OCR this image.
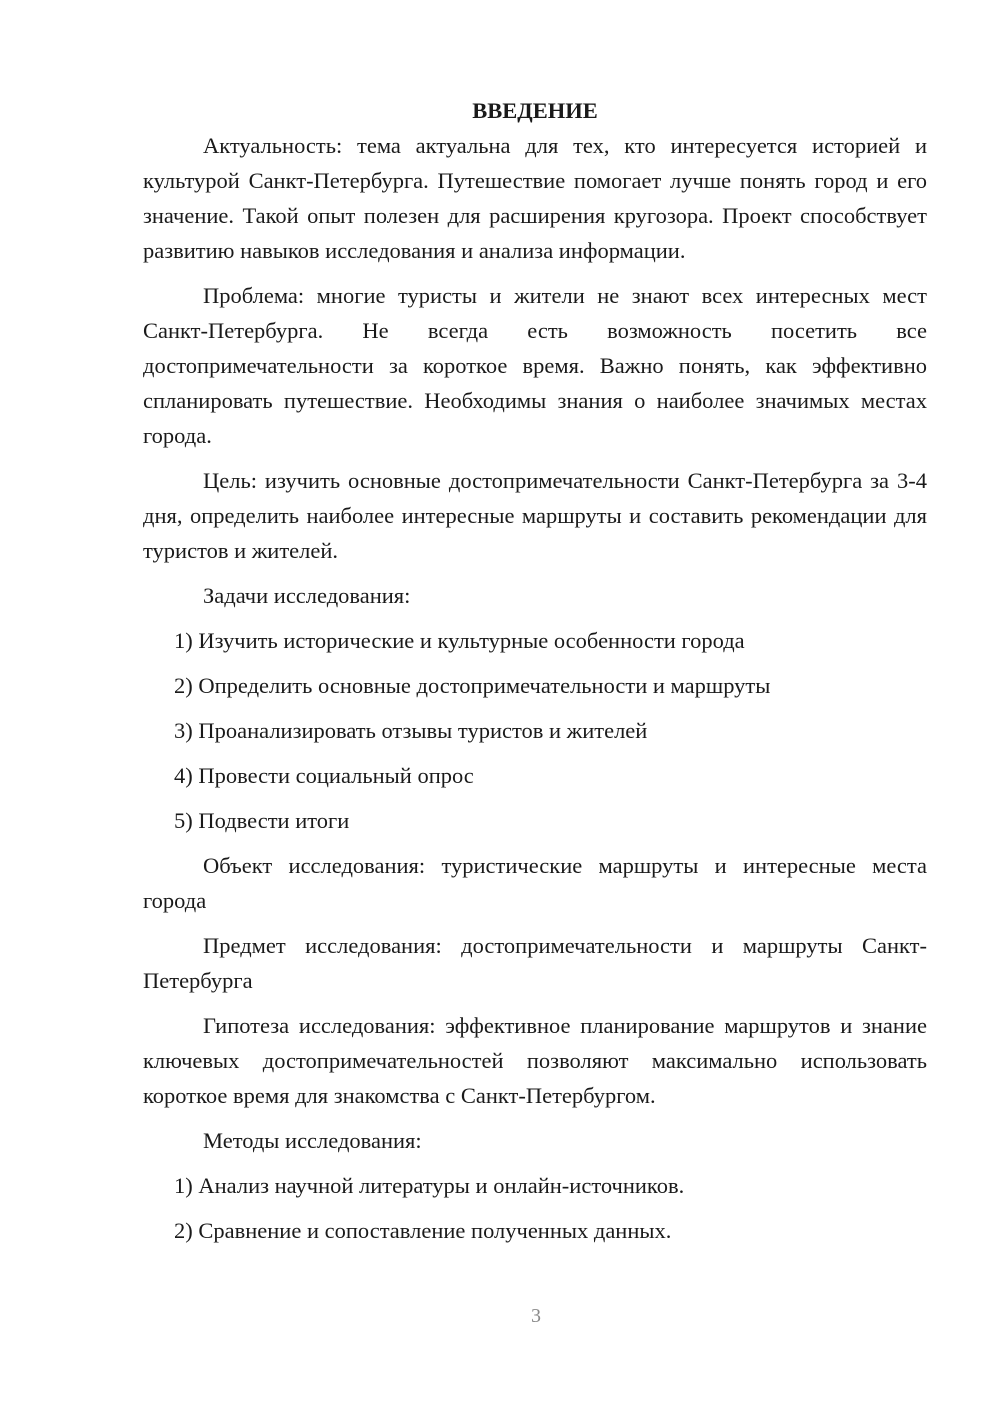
ВВЕДЕНИЕ

Актуальность: тема актуальна для тех, кто интересуется историей и культурой Санкт-Петербурга. Путешествие помогает лучше понять город и его значение. Такой опыт полезен для расширения кругозора. Проект способствует развитию навыков исследования и анализа информации.

Проблема: многие туристы и жители не знают всех интересных мест Санкт-Петербурга. Не всегда есть возможность посетить все достопримечательности за короткое время. Важно понять, как эффективно спланировать путешествие. Необходимы знания о наиболее значимых местах города.

Цель: изучить основные достопримечательности Санкт-Петербурга за 3-4 дня, определить наиболее интересные маршруты и составить рекомендации для туристов и жителей.

Задачи исследования:

1) Изучить исторические и культурные особенности города
2) Определить основные достопримечательности и маршруты
3) Проанализировать отзывы туристов и жителей
4) Провести социальный опрос
5) Подвести итоги

Объект исследования: туристические маршруты и интересные места города

Предмет исследования: достопримечательности и маршруты Санкт-Петербурга

Гипотеза исследования: эффективное планирование маршрутов и знание ключевых достопримечательностей позволяют максимально использовать короткое время для знакомства с Санкт-Петербургом.

Методы исследования:

1) Анализ научной литературы и онлайн-источников.
2) Сравнение и сопоставление полученных данных.
3
